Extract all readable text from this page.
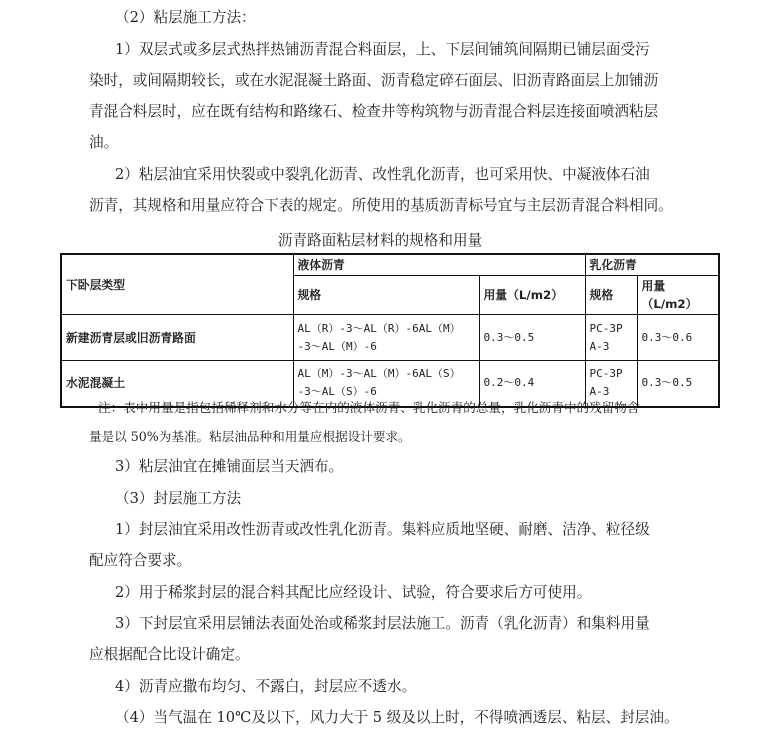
（2）粘层施工方法：
1）双层式或多层式热拌热铺沥青混合料面层，上、下层间铺筑间隔期已铺层面受污
染时，或间隔期较长，或在水泥混凝土路面、沥青稳定碎石面层、旧沥青路面层上加铺沥
青混合料层时，应在既有结构和路缘石、检查井等构筑物与沥青混合料层连接面喷洒粘层
油。
2）粘层油宜采用快裂或中裂乳化沥青、改性乳化沥青，也可采用快、中凝液体石油
沥青，其规格和用量应符合下表的规定。所使用的基质沥青标号宜与主层沥青混合料相同。
沥青路面粘层材料的规格和用量
下卧层类型	液体沥青		乳化沥青	
	规格	用量（L/m2）	规格	用量（L/m2）
新建沥青层或旧沥青路面	AL（R）-3～AL（R）-6AL（M）
-3～AL（M）-6	0.3～0.5	PC-3P
A-3	0.3～0.6
水泥混凝土	AL（M）-3～AL（M）-6AL（S）
-3～AL（S）-6	0.2～0.4	PC-3P
A-3	0.3～0.5
注：表中用量是指包括稀释剂和水分等在内的液体沥青、乳化沥青的总量，乳化沥青中的残留物含
量是以 50%为基准。粘层油品种和用量应根据设计要求。
3）粘层油宜在摊铺面层当天洒布。
（3）封层施工方法
1）封层油宜采用改性沥青或改性乳化沥青。集料应质地坚硬、耐磨、洁净、粒径级
配应符合要求。
2）用于稀浆封层的混合料其配比应经设计、试验，符合要求后方可使用。
3）下封层宜采用层铺法表面处治或稀浆封层法施工。沥青（乳化沥青）和集料用量
应根据配合比设计确定。
4）沥青应撒布均匀、不露白，封层应不透水。
（4）当气温在 10℃及以下，风力大于 5 级及以上时，不得喷洒透层、粘层、封层油。
